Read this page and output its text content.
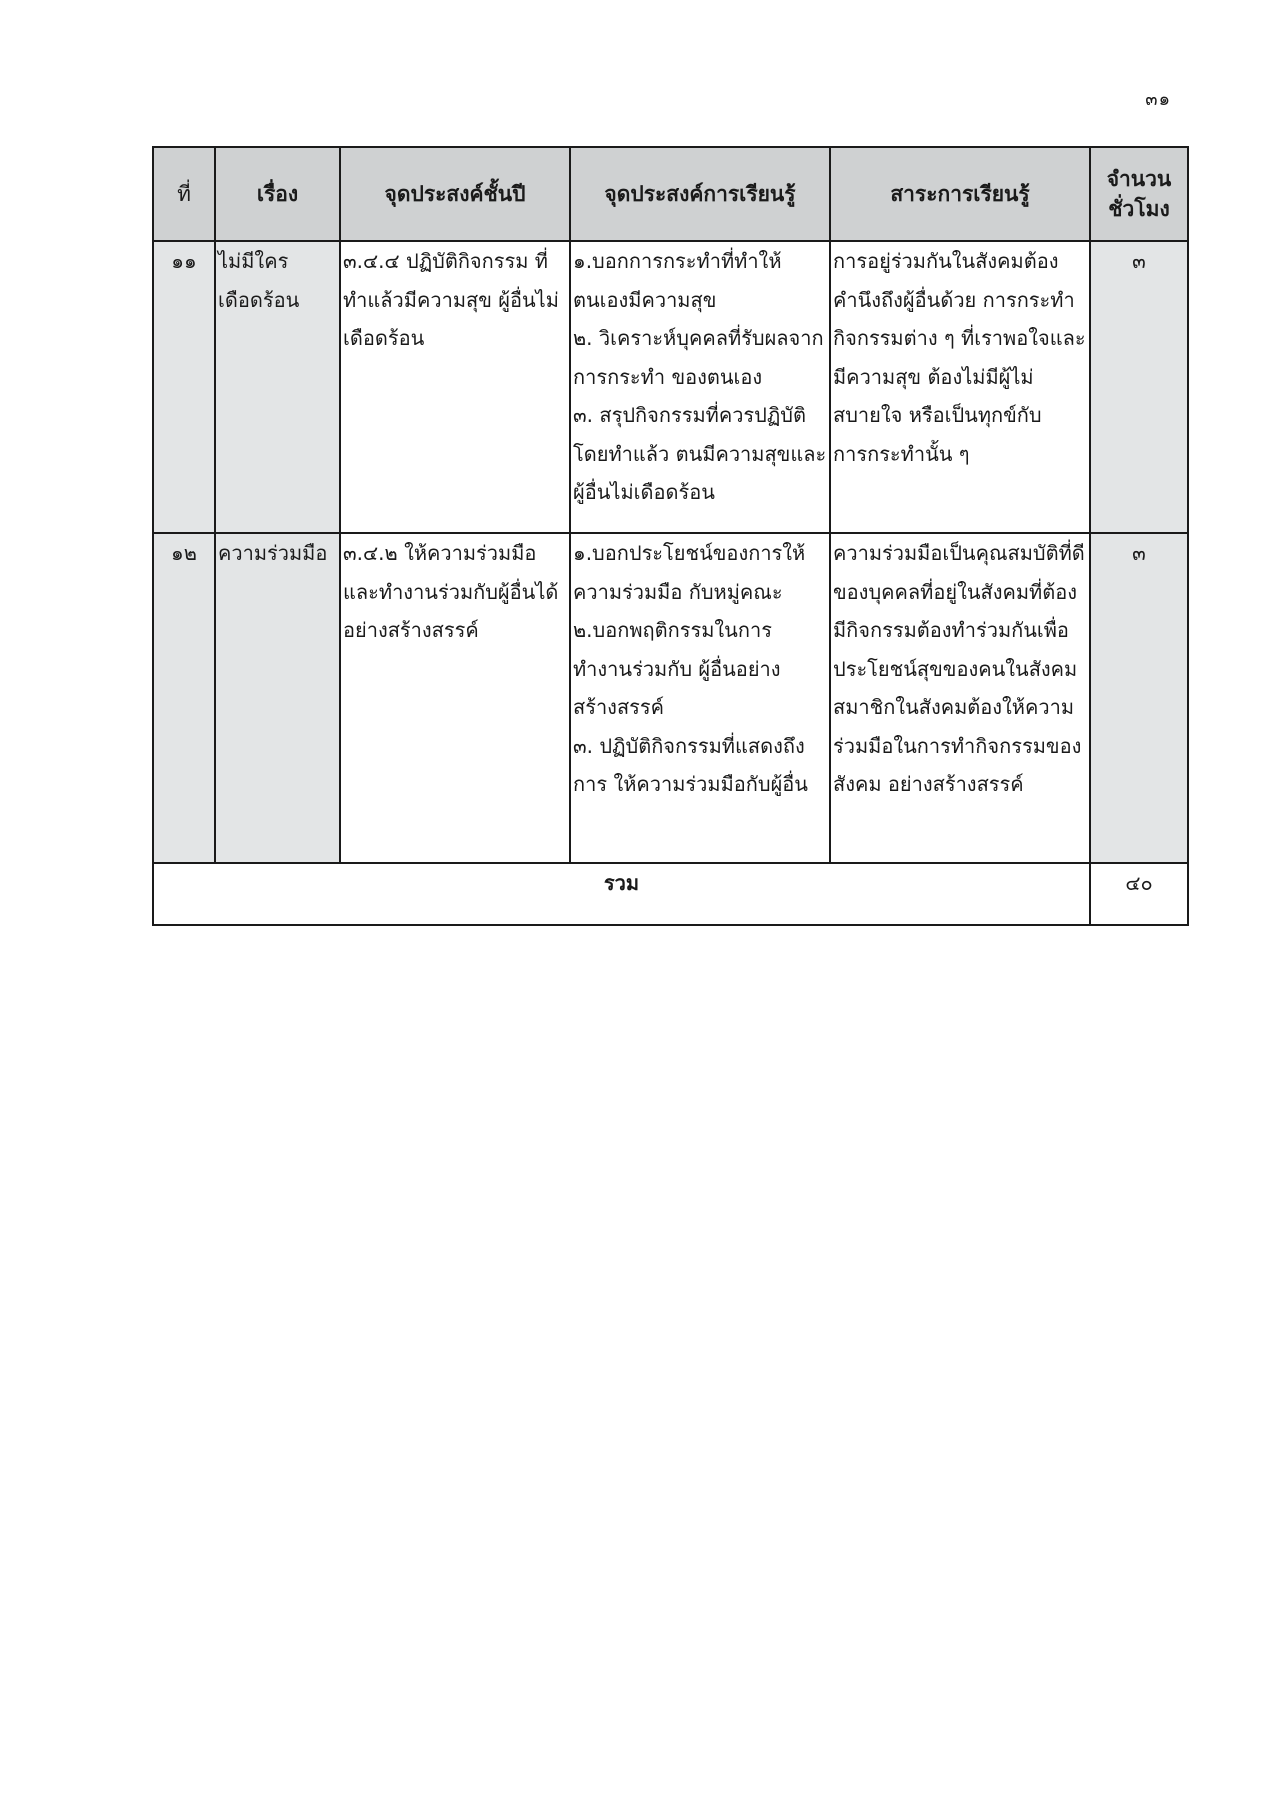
๓๑
ที่	เรื่อง	จุดประสงค์ชั้นปี	จุดประสงค์การเรียนรู้	สาระการเรียนรู้	จำนวน
ชั่วโมง

๑๑	ไม่มีใคร เดือดร้อน	๓.๔.๔ ปฏิบัติกิจกรรม ที่ทำแล้วมีความสุข ผู้อื่นไม่เดือดร้อน	๑.บอกการกระทำที่ทำให้ตนเองมีความสุข
๒. วิเคราะห์บุคคลที่รับผลจากการกระทำ ของตนเอง
๓. สรุปกิจกรรมที่ควรปฏิบัติโดยทำแล้ว ตนมีความสุขและผู้อื่นไม่เดือดร้อน	การอยู่ร่วมกันในสังคมต้องคำนึงถึงผู้อื่นด้วย การกระทำกิจกรรมต่าง ๆ ที่เราพอใจและมีความสุข ต้องไม่มีผู้ไม่สบายใจ หรือเป็นทุกข์กับการกระทำนั้น ๆ	๓
๑๒	ความร่วมมือ	๓.๔.๒ ให้ความร่วมมือและทำงานร่วมกับผู้อื่นได้อย่างสร้างสรรค์	๑.บอกประโยชน์ของการให้ความร่วมมือ กับหมู่คณะ
๒.บอกพฤติกรรมในการทำงานร่วมกับ ผู้อื่นอย่างสร้างสรรค์
๓. ปฏิบัติกิจกรรมที่แสดงถึงการ ให้ความร่วมมือกับผู้อื่น	ความร่วมมือเป็นคุณสมบัติที่ดีของบุคคลที่อยู่ในสังคมที่ต้องมีกิจกรรมต้องทำร่วมกันเพื่อประโยชน์สุขของคนในสังคม สมาชิกในสังคมต้องให้ความร่วมมือในการทำกิจกรรมของสังคม อย่างสร้างสรรค์	๓
รวม					๔๐
